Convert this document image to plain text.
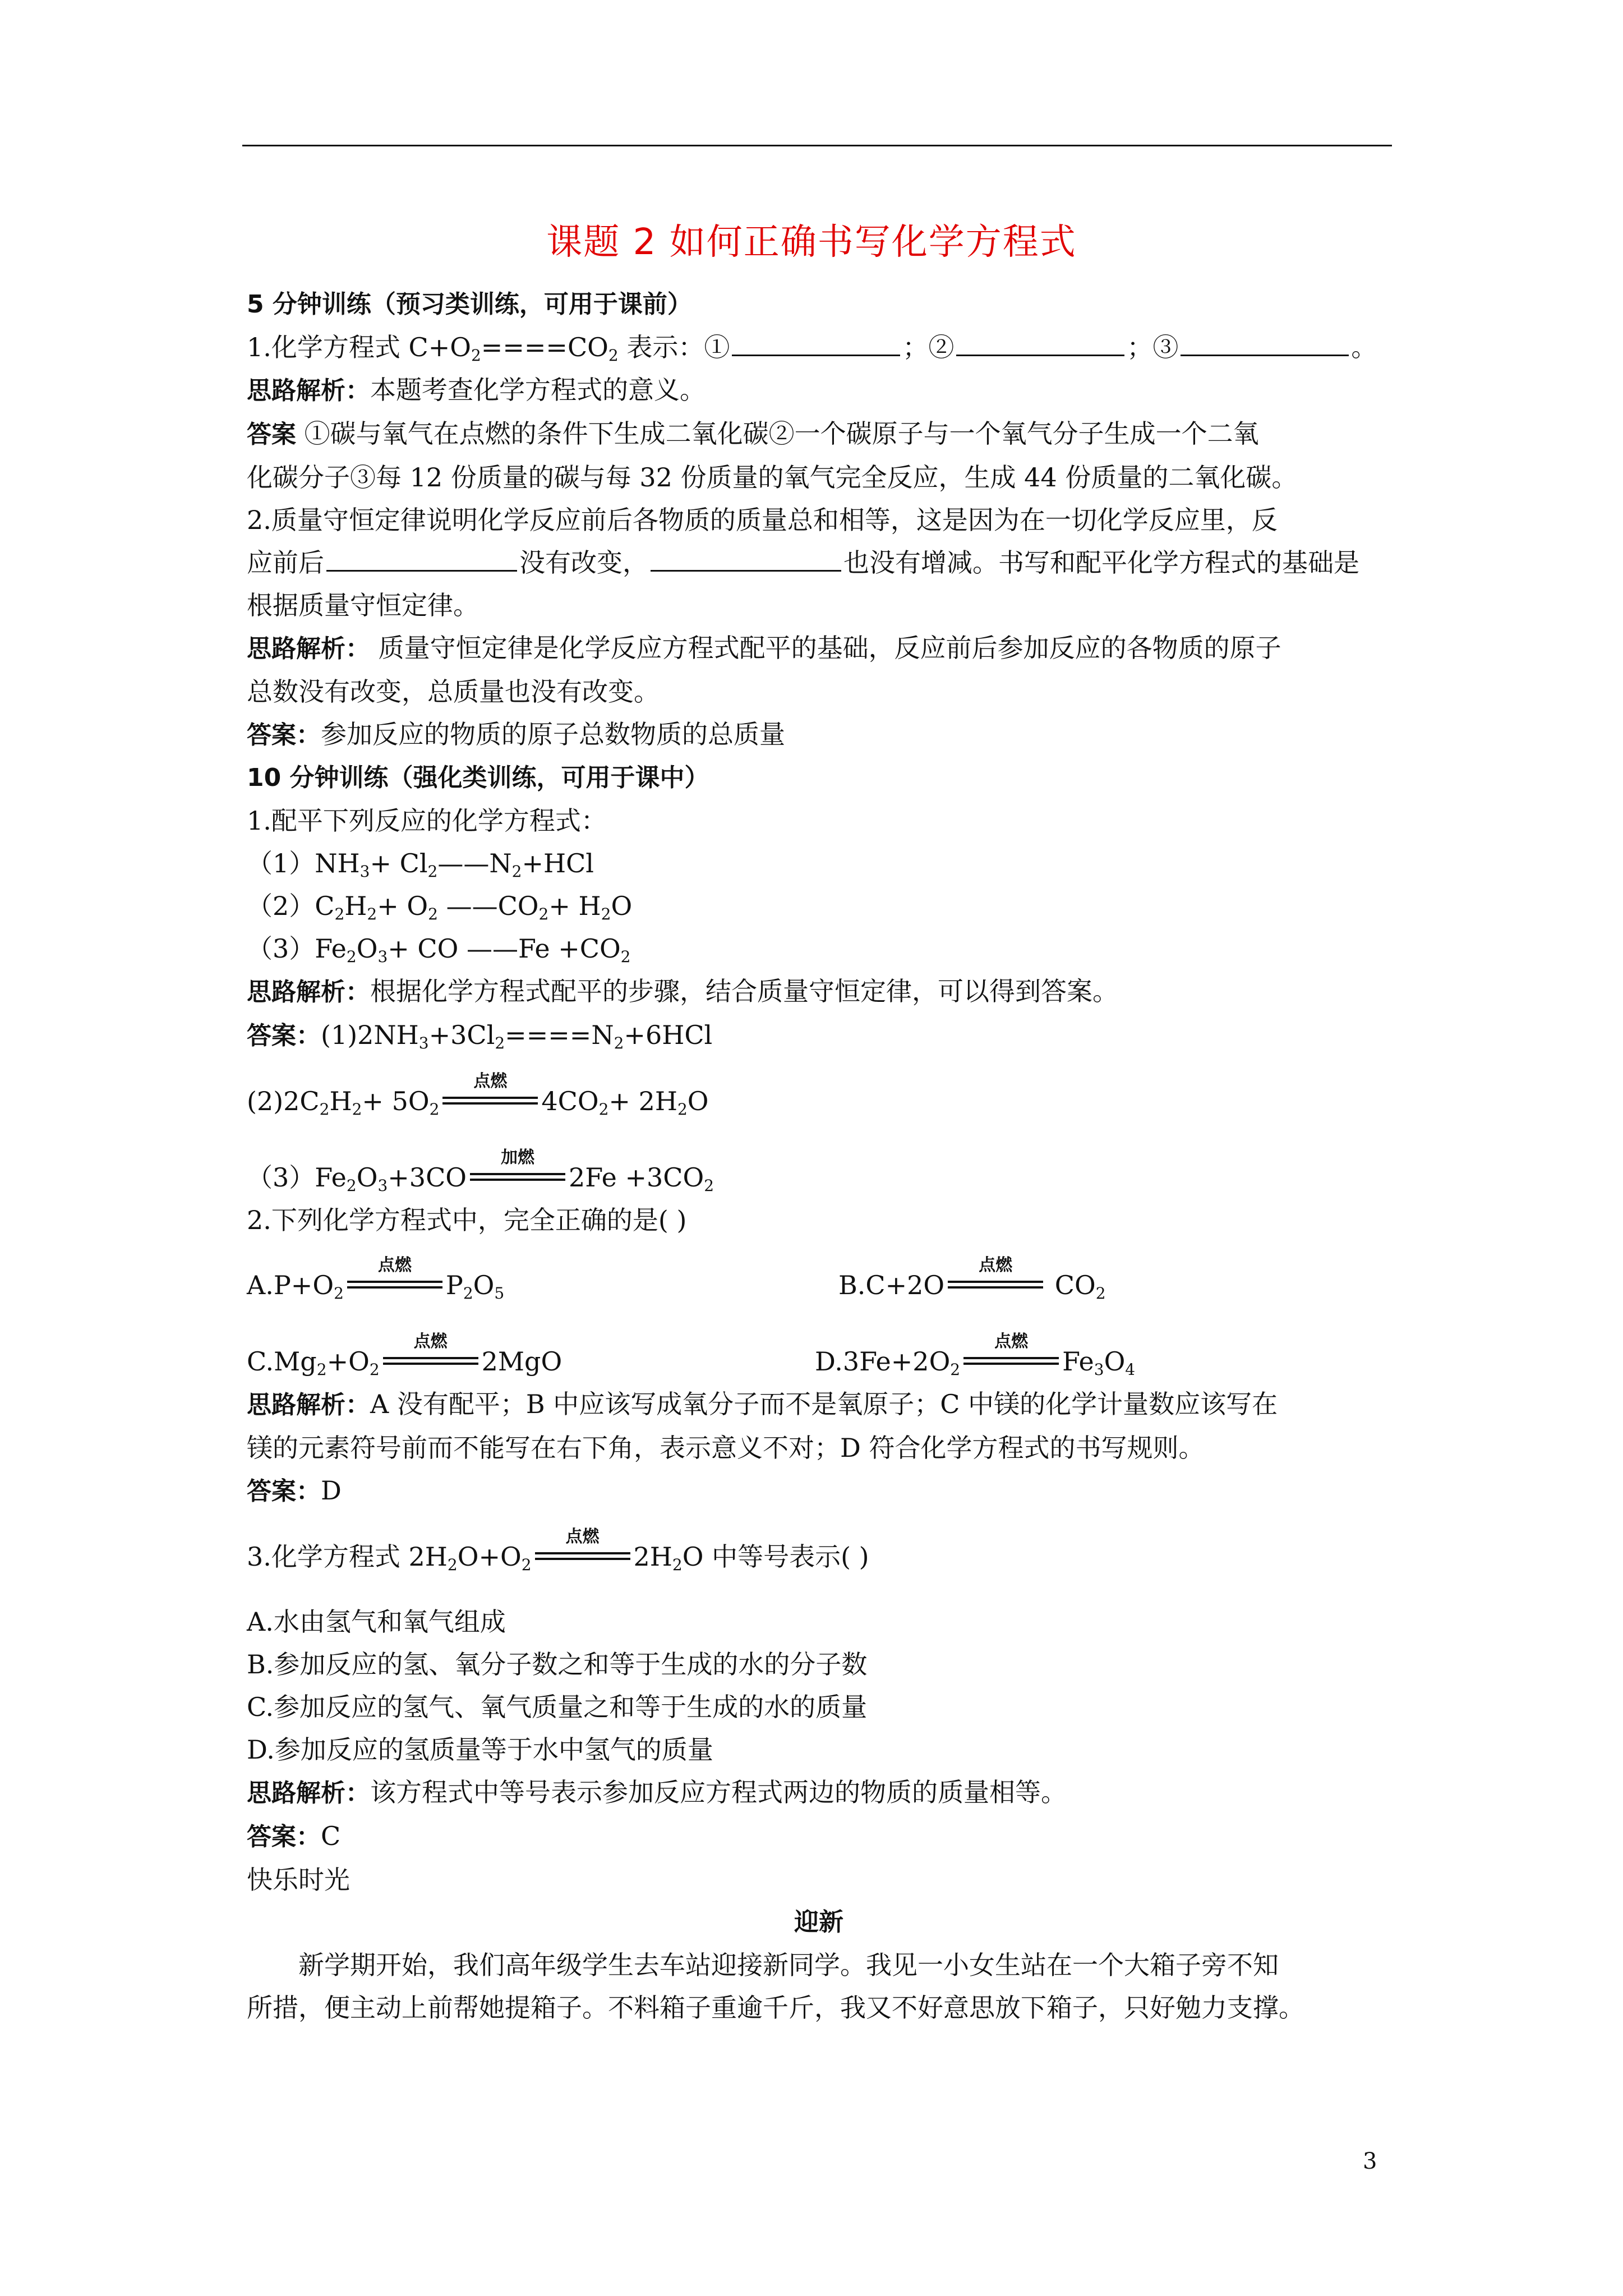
课题 2 如何正确书写化学方程式

5 分钟训练（预习类训练，可用于课前）

1.化学方程式 $C+O_2====CO_2$ 表示：①	；②	；③	。

思路解析：本题考查化学方程式的意义。

答案 ①碳与氧气在点燃的条件下生成二氧化碳②一个碳原子与一个氧气分子生成一个二氧

化碳分子③每 12 份质量的碳与每 32 份质量的氧气完全反应，生成 44 份质量的二氧化碳。

2.质量守恒定律说明化学反应前后各物质的质量总和相等，这是因为在一切化学反应里，反

应前后	没有改变，	也没有增减。书写和配平化学方程式的基础是

根据质量守恒定律。

思路解析： 质量守恒定律是化学反应方程式配平的基础，反应前后参加反应的各物质的原子

总数没有改变，总质量也没有改变。

答案：参加反应的物质的原子总数物质的总质量

10 分钟训练（强化类训练，可用于课中）

1.配平下列反应的化学方程式：

$(1)NH_3+$ $Cl_2——N_2+HCl$

$(2)C_2H_2+ O_2$ $——CO_2+ H_2O$

$(3)Fe_2O_3+$ CO ——Fe $+CO_2$

思路解析：根据化学方程式配平的步骤，结合质量守恒定律，可以得到答案。

答案：$(1)2NH_3+3Cl_2====N_2+6HCl$

$(2)2C_2H_2+ 5O_2$
点燃
$4CO_2+ 2H_2O$

$(3)Fe_2O_3+3CO$
加燃
$2Fe +3CO_2$

2.下列化学方程式中，完全正确的是( )

$A.P+O_2$
点燃
$P_2O_5$	B.C+2O
点燃
$CO_2$
$C.Mg_2+O_2$
点燃
2MgO	$D.3Fe+2O_2$
点燃
$Fe_3O_4$

思路解析：A 没有配平；B 中应该写成氧分子而不是氧原子；C 中镁的化学计量数应该写在

镁的元素符号前而不能写在右下角，表示意义不对；D 符合化学方程式的书写规则。

答案：D

3.化学方程式 $2H_2O+O_2$
点燃
$2H_2O$ 中等号表示( )

A.水由氢气和氧气组成

B.参加反应的氢、氧分子数之和等于生成的水的分子数

C.参加反应的氢气、氧气质量之和等于生成的水的质量

D.参加反应的氢质量等于水中氢气的质量

思路解析：该方程式中等号表示参加反应方程式两边的物质的质量相等。

答案：C

快乐时光

迎新

新学期开始，我们高年级学生去车站迎接新同学。我见一小女生站在一个大箱子旁不知

所措，便主动上前帮她提箱子。不料箱子重逾千斤，我又不好意思放下箱子，只好勉力支撑。

3
